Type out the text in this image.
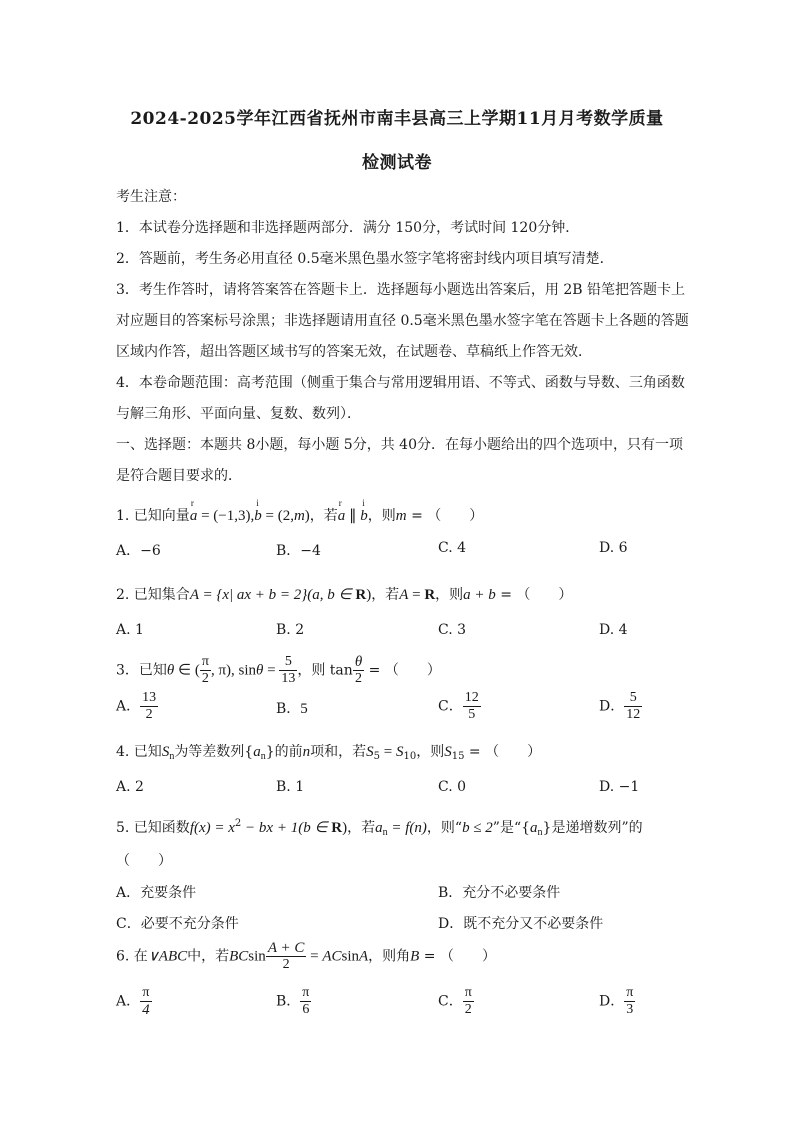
2024-2025学年江西省抚州市南丰县高三上学期11月月考数学质量
检测试卷
考生注意：
1．本试卷分选择题和非选择题两部分．满分 150分，考试时间 120分钟．
2．答题前，考生务必用直径 0.5毫米黑色墨水签字笔将密封线内项目填写清楚．
3．考生作答时，请将答案答在答题卡上．选择题每小题选出答案后，用 2B 铅笔把答题卡上
对应题目的答案标号涂黑；非选择题请用直径 0.5毫米黑色墨水签字笔在答题卡上各题的答题
区域内作答，超出答题区域书写的答案无效，在试题卷、草稿纸上作答无效．
4．本卷命题范围：高考范围（侧重于集合与常用逻辑用语、不等式、函数与导数、三角函数
与解三角形、平面向量、复数、数列）．
一、选择题：本题共 8小题，每小题 5分，共 40分．在每小题给出的四个选项中，只有一项
是符合题目要求的．
1. 已知向量r a = (−1,3),i b = (2,m)，若r a ∥ i b，则m = （　　）
A．−6	B．−4	C. 4	D. 6
2. 已知集合A = {x| ax + b = 2}(a, b ∈ R)，若A = R，则a + b = （　　）
A. 1	B. 2	C. 3	D. 4
3．已知θ ∈ ( $\frac{\pi}{2}$ , π), $\sin\theta = \frac{5}{13}$ ，则 $\tan \frac{\theta}{2}$ = （　　）
A． $\frac{13}{2}$	B．5	C． $\frac{12}{5}$	D． $\frac{5}{12}$
4. 已知$S_n$为等差数列$\{a_n\}$的前n项和，若$S_5 = S_{10}$，则$S_{15}$ = （　　）
A. 2	B. 1	C. 0	D. −1
5. 已知函数$f(x) = x^2$ − bx + 1(b ∈ R)，若$a_n = f(n)$，则“b ≤ 2”是“$\{a_n\}$是递增数列”的
（　　）
A．充要条件	B．充分不必要条件
C．必要不充分条件	D．既不充分又不必要条件
6. 在∨ABC中，若BCsin $\frac{A + C}{2} = ACsinA$，则角B = （　　）
A． $\frac{\pi}{4}$	B． $\frac{\pi}{6}$	C． $\frac{\pi}{2}$	D． $\frac{\pi}{3}$
